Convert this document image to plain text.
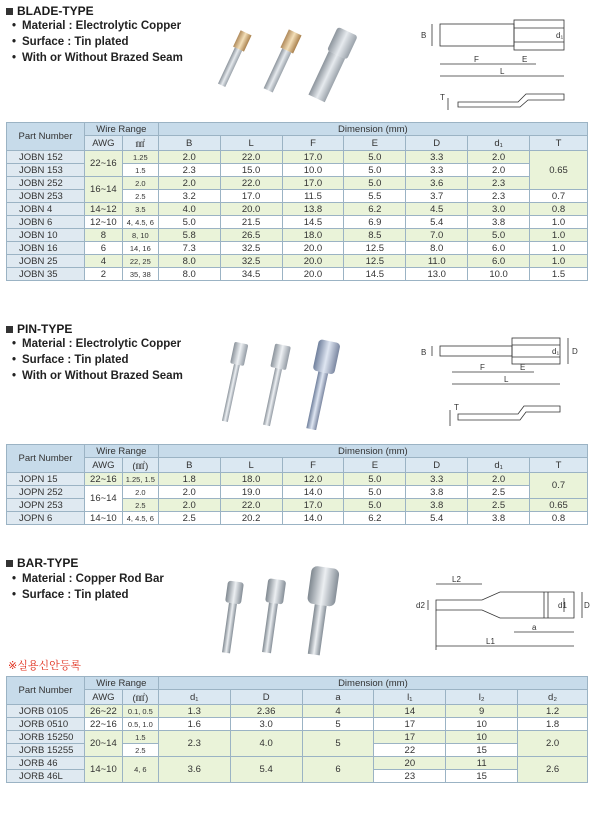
BLADE-TYPE
• Material : Electrolytic Copper
• Surface : Tin plated
• With or Without Brazed Seam
B	d₁
F	E
L
T
Part Number	Wire Range		Dimension (mm)						
	AWG	㎟	B	L	F	E	D	d₁	T
JOBN 152	22~16	1.25	2.0	22.0	17.0	5.0	3.3	2.0	0.65
JOBN 153		1.5	2.3	15.0	10.0	5.0	3.3	2.0	
JOBN 252	16~14	2.0	2.0	22.0	17.0	5.0	3.6	2.3	
JOBN 253		2.5	3.2	17.0	11.5	5.5	3.7	2.3	0.7
JOBN 4	14~12	3.5	4.0	20.0	13.8	6.2	4.5	3.0	0.8
JOBN 6	12~10	4, 4.5, 6	5.0	21.5	14.5	6.9	5.4	3.8	1.0
JOBN 10	8	8, 10	5.8	26.5	18.0	8.5	7.0	5.0	1.0
JOBN 16	6	14, 16	7.3	32.5	20.0	12.5	8.0	6.0	1.0
JOBN 25	4	22, 25	8.0	32.5	20.0	12.5	11.0	6.0	1.0
JOBN 35	2	35, 38	8.0	34.5	20.0	14.5	13.0	10.0	1.5
PIN-TYPE
• Material : Electrolytic Copper
• Surface : Tin plated
• With or Without Brazed Seam
B	d₁ D
F	E
L
T
Part Number	Wire Range		Dimension (mm)						
	AWG	(㎟)	B	L	F	E	D	d₁	T
JOPN 15	22~16	1.25, 1.5	1.8	18.0	12.0	5.0	3.3	2.0	0.7
JOPN 252	16~14	2.0	2.0	19.0	14.0	5.0	3.8	2.5	
JOPN 253		2.5	2.0	22.0	17.0	5.0	3.8	2.5	0.65
JOPN 6	14~10	4, 4.5, 6	2.5	20.2	14.0	6.2	5.4	3.8	0.8
BAR-TYPE
• Material : Copper Rod Bar
• Surface : Tin plated
L2
d2	D
d1
a
L1
※실용신안등록
Part Number	Wire Range		Dimension (mm)					
	AWG	(㎟)	d₁	D	a	l₁	l₂	d₂
JORB 0105	26~22	0.1, 0.5	1.3	2.36	4	14	9	1.2
JORB 0510	22~16	0.5, 1.0	1.6	3.0	5	17	10	1.8
JORB 15250	20~14	1.5	2.3	4.0	5	17	10	2.0
JORB 15255		2.5				22	15	
JORB 46	14~10	4, 6	3.6	5.4	6	20	11	2.6
JORB 46L						23	15	
